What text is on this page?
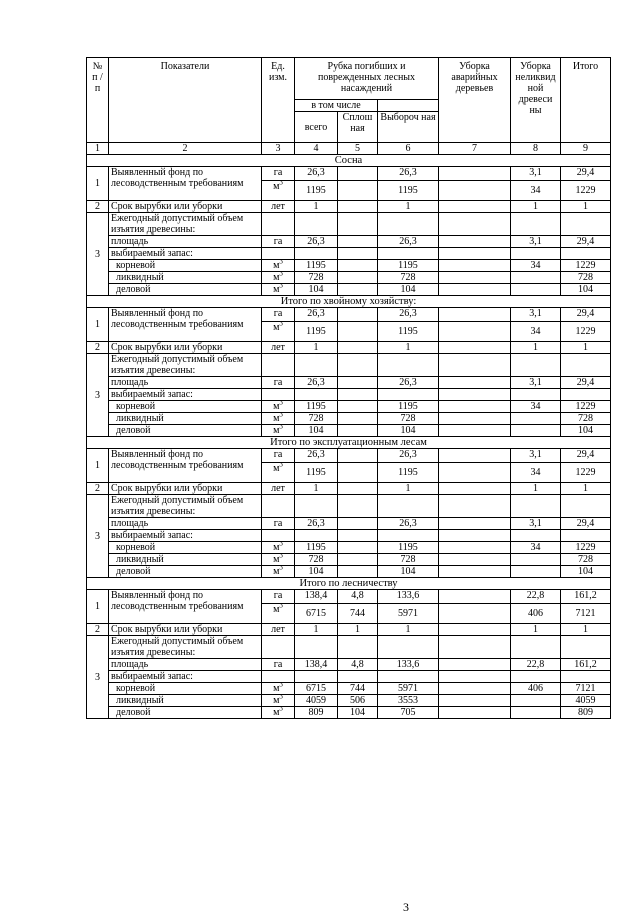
№ п / п	Показатели	Ед. изм.	Рубка погибших и поврежденных лесных насаждений			Уборка аварийных деревьев	Уборка неликвид ной древеси ны	Итого
			в том числе					
			всего	Сплош ная	Выбороч ная			
1	2	3	4	5	6	7	8	9
Сосна								
1	Выявленный фонд по лесоводственным требованиям	га	26,3		26,3		3,1	29,4
		$м^3$	1195		1195		34	1229
2	Срок вырубки или уборки	лет	1		1		1	1
3	Ежегодный допустимый объем изъятия древесины:							
	площадь	га	26,3		26,3		3,1	29,4
	выбираемый запас:							
	корневой	$м^3$	1195		1195		34	1229
	ликвидный	$м^3$	728		728			728
	деловой	$м^3$	104		104			104
Итого по хвойному хозяйству:								
1	Выявленный фонд по лесоводственным требованиям	га	26,3		26,3		3,1	29,4
		$м^3$	1195		1195		34	1229
2	Срок вырубки или уборки	лет	1		1		1	1
3	Ежегодный допустимый объем изъятия древесины:							
	площадь	га	26,3		26,3		3,1	29,4
	выбираемый запас:							
	корневой	$м^3$	1195		1195		34	1229
	ликвидный	$м^3$	728		728			728
	деловой	$м^3$	104		104			104
Итого по эксплуатационным лесам								
1	Выявленный фонд по лесоводственным требованиям	га	26,3		26,3		3,1	29,4
		$м^3$	1195		1195		34	1229
2	Срок вырубки или уборки	лет	1		1		1	1
3	Ежегодный допустимый объем изъятия древесины:							
	площадь	га	26,3		26,3		3,1	29,4
	выбираемый запас:							
	корневой	$м^3$	1195		1195		34	1229
	ликвидный	$м^3$	728		728			728
	деловой	$м^3$	104		104			104
Итого по лесничеству								
1	Выявленный фонд по лесоводственным требованиям	га	138,4	4,8	133,6		22,8	161,2
		$м^3$	6715	744	5971		406	7121
2	Срок вырубки или уборки	лет	1	1	1		1	1
3	Ежегодный допустимый объем изъятия древесины:							
	площадь	га	138,4	4,8	133,6		22,8	161,2
	выбираемый запас:							
	корневой	$м^3$	6715	744	5971		406	7121
	ликвидный	$м^3$	4059	506	3553			4059
	деловой	$м^3$	809	104	705			809
3
